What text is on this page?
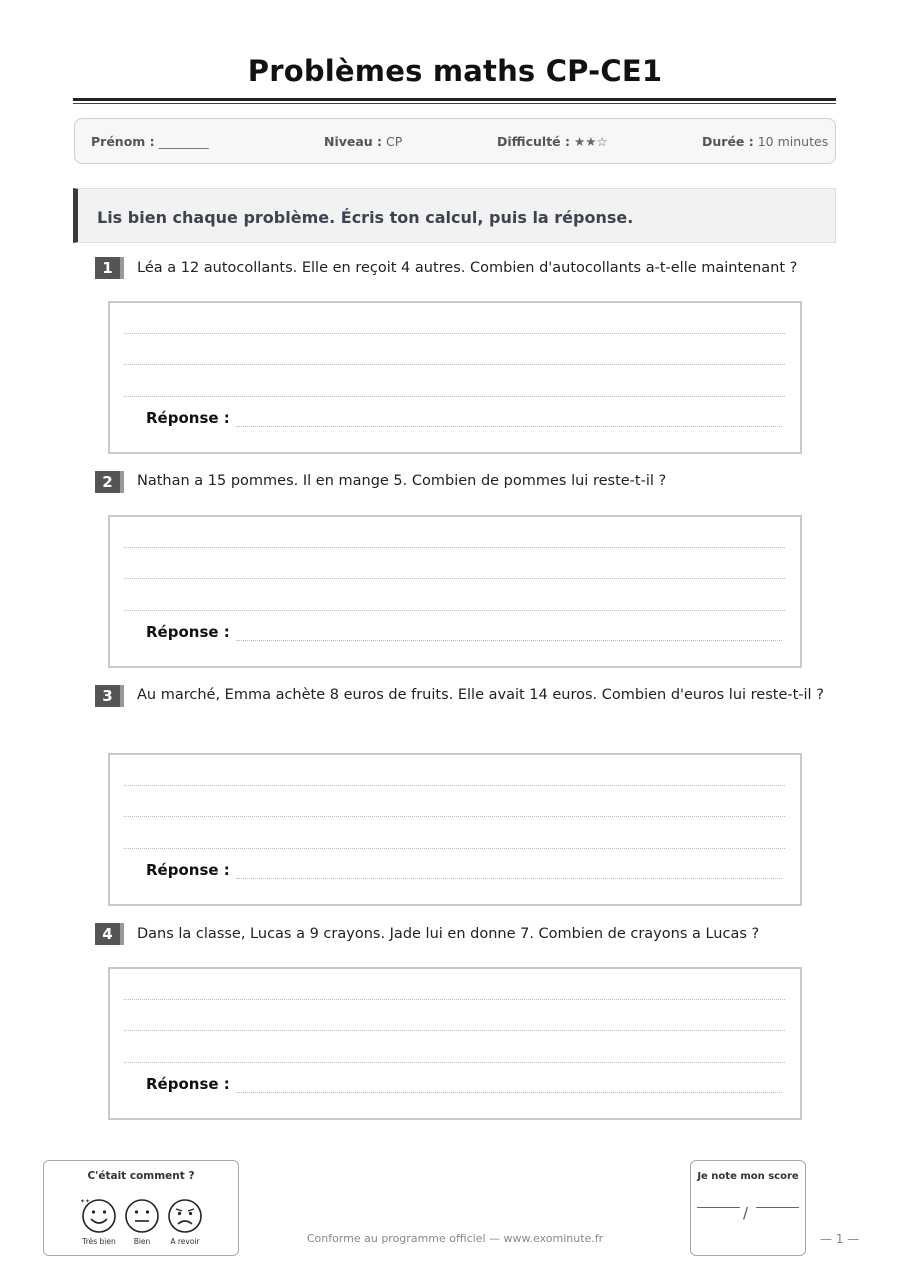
Problèmes maths CP-CE1
Prénom : ________	Niveau : CP	Difficulté : ★★☆	Durée : 10 minutes
Lis bien chaque problème. Écris ton calcul, puis la réponse.
1	Léa a 12 autocollants. Elle en reçoit 4 autres. Combien d'autocollants a-t-elle maintenant ?
Réponse :
2	Nathan a 15 pommes. Il en mange 5. Combien de pommes lui reste-t-il ?
Réponse :
3	Au marché, Emma achète 8 euros de fruits. Elle avait 14 euros. Combien d'euros lui reste-t-il ?
Réponse :
4	Dans la classe, Lucas a 9 crayons. Jade lui en donne 7. Combien de crayons a Lucas ?
Réponse :
C'était comment ?
✦✦
Très bien	Bien	A revoir	Conforme au programme officiel — www.exominute.fr
Je note mon score
/
— 1 —
